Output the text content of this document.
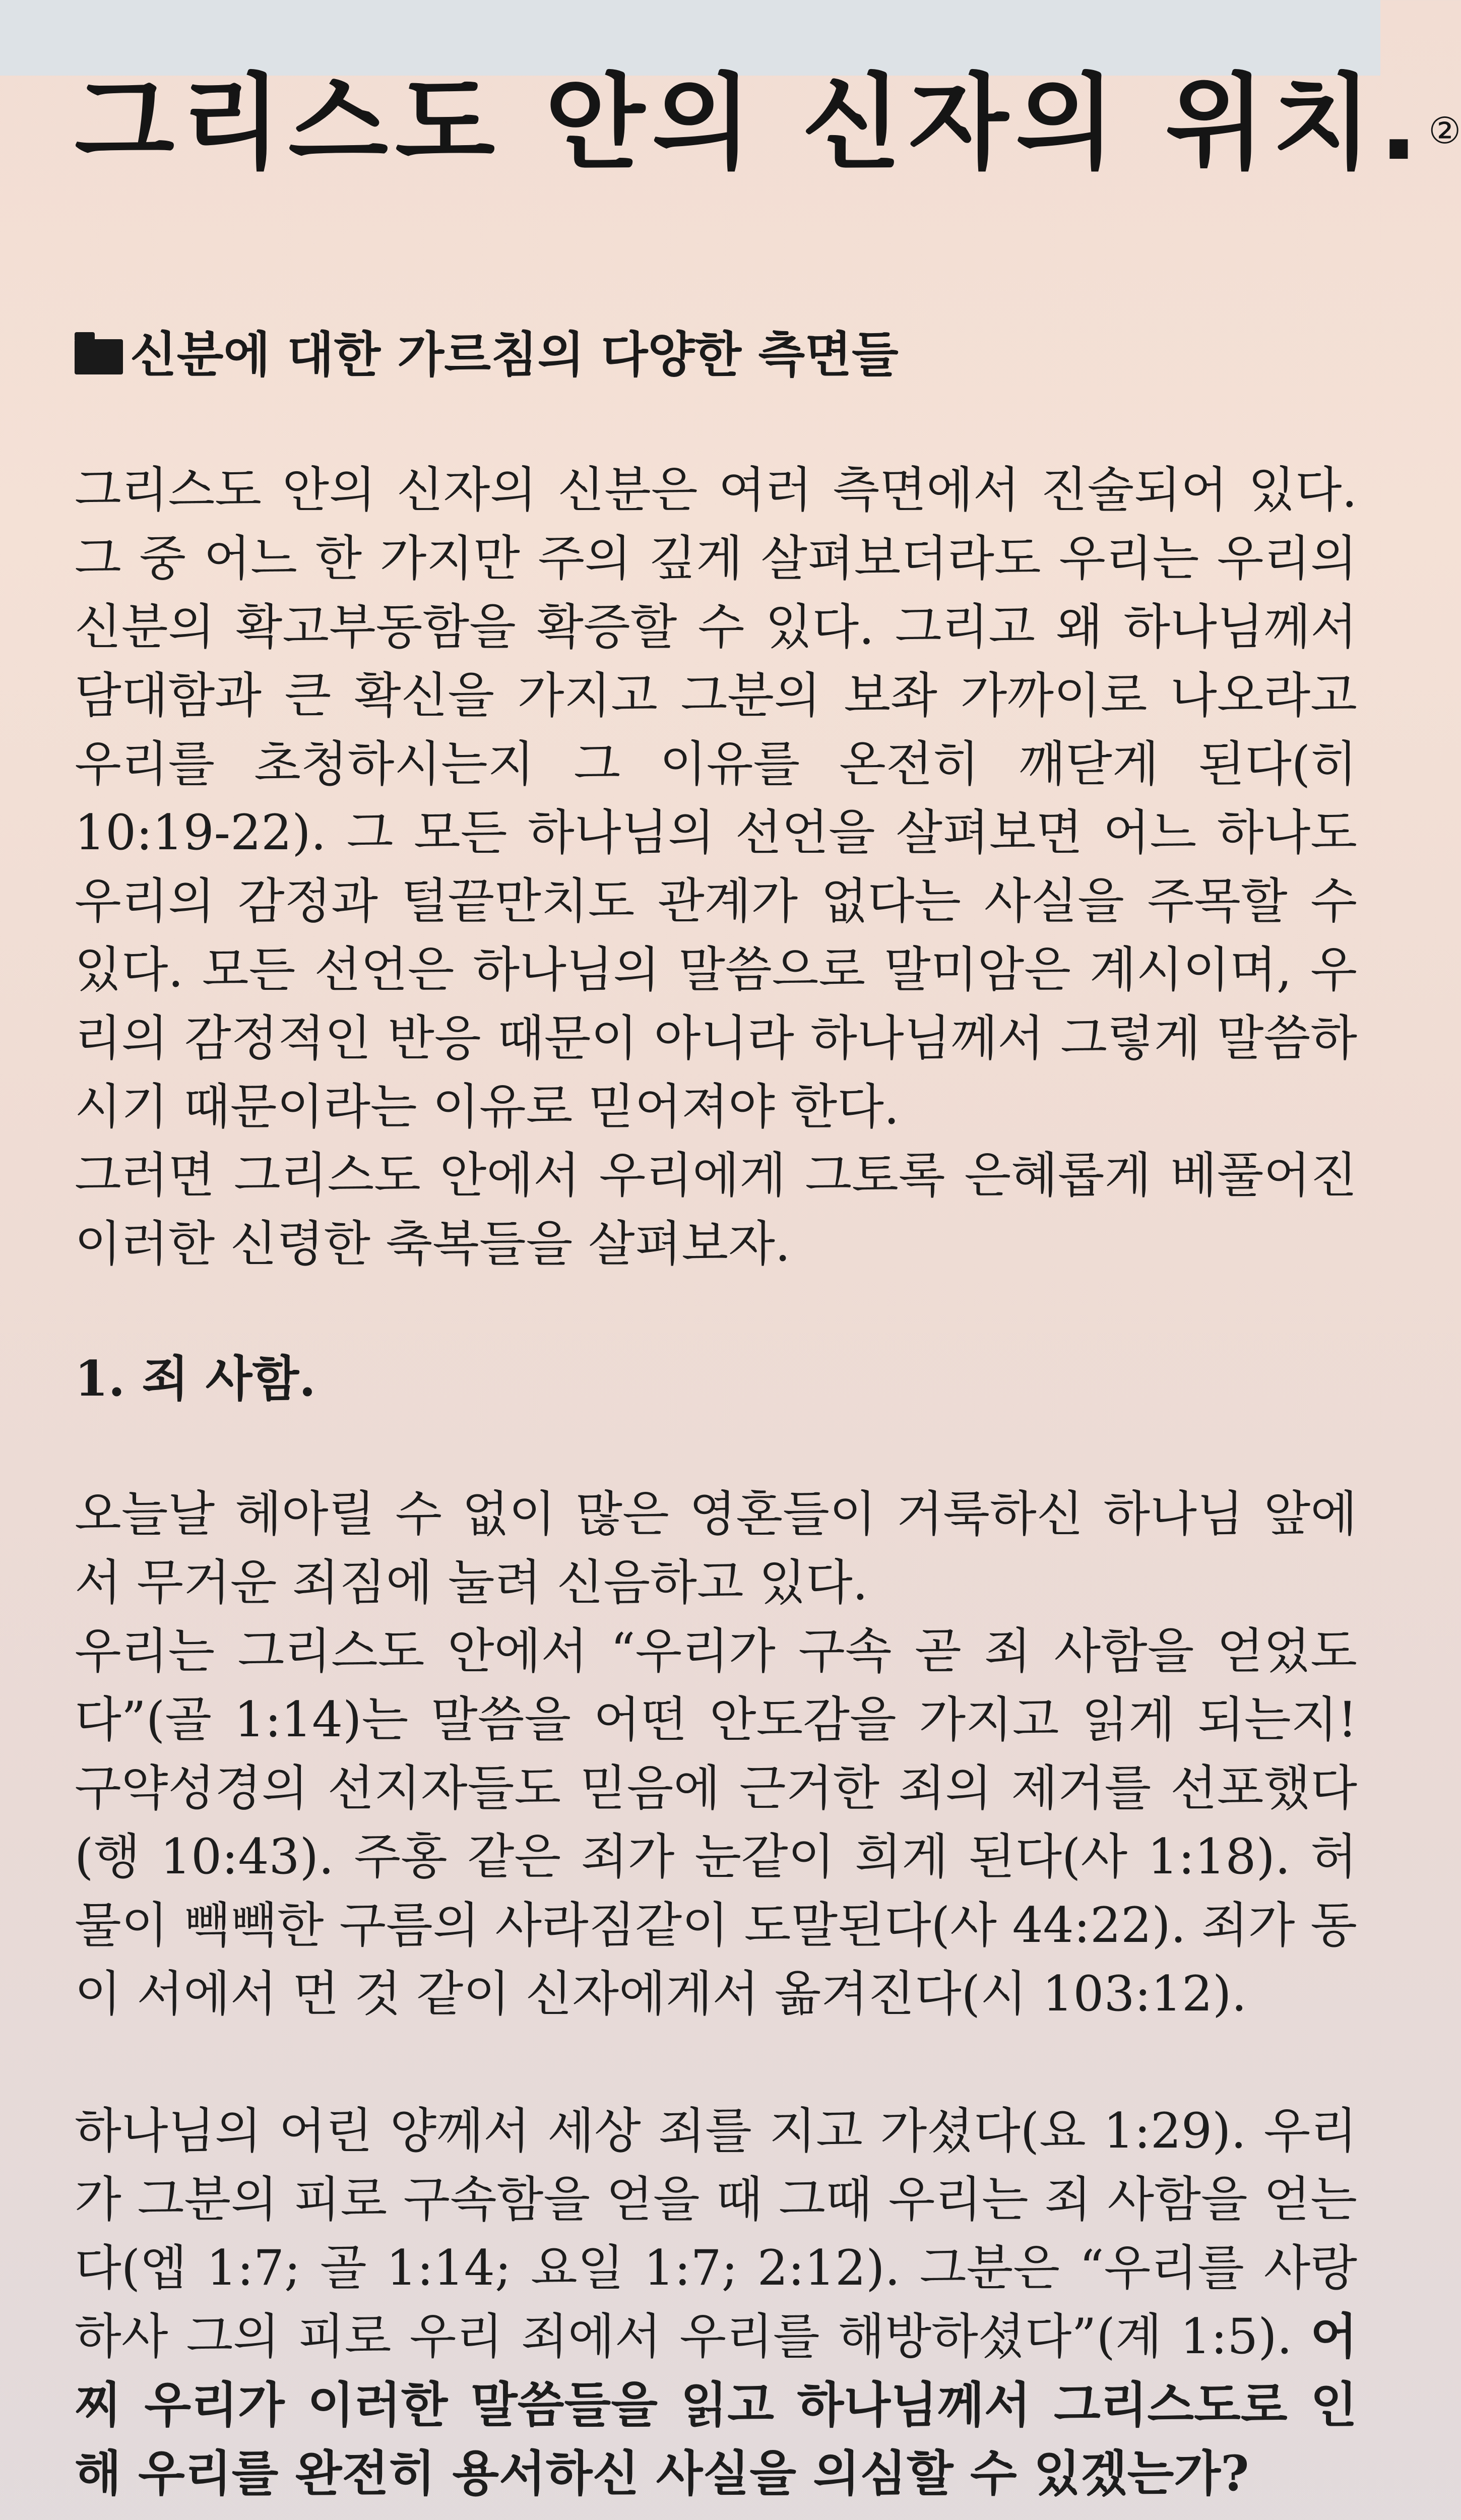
그리스도 안의 신자의 위치.②
신분에 대한 가르침의 다양한 측면들

그리스도 안의 신자의 신분은 여러 측면에서 진술되어 있다. 그 중 어느 한 가지만 주의 깊게 살펴보더라도 우리는 우리의 신분의 확고부동함을 확증할 수 있다. 그리고 왜 하나님께서 담대함과 큰 확신을 가지고 그분의 보좌 가까이로 나오라고 우리를 초청하시는지 그 이유를 온전히 깨닫게 된다(히 10:19-22). 그 모든 하나님의 선언을 살펴보면 어느 하나도 우리의 감정과 털끝만치도 관계가 없다는 사실을 주목할 수 있다. 모든 선언은 하나님의 말씀으로 말미암은 계시이며, 우리의 감정적인 반응 때문이 아니라 하나님께서 그렇게 말씀하시기 때문이라는 이유로 믿어져야 한다.

그러면 그리스도 안에서 우리에게 그토록 은혜롭게 베풀어진 이러한 신령한 축복들을 살펴보자.

1. 죄 사함.

오늘날 헤아릴 수 없이 많은 영혼들이 거룩하신 하나님 앞에서 무거운 죄짐에 눌려 신음하고 있다.

우리는 그리스도 안에서 “우리가 구속 곧 죄 사함을 얻었도다”(골 1:14)는 말씀을 어떤 안도감을 가지고 읽게 되는지! 구약성경의 선지자들도 믿음에 근거한 죄의 제거를 선포했다(행 10:43). 주홍 같은 죄가 눈같이 희게 된다(사 1:18). 허물이 빽빽한 구름의 사라짐같이 도말된다(사 44:22). 죄가 동이 서에서 먼 것 같이 신자에게서 옮겨진다(시 103:12).

하나님의 어린 양께서 세상 죄를 지고 가셨다(요 1:29). 우리가 그분의 피로 구속함을 얻을 때 그때 우리는 죄 사함을 얻는다(엡 1:7; 골 1:14; 요일 1:7; 2:12). 그분은 “우리를 사랑하사 그의 피로 우리 죄에서 우리를 해방하셨다”(계 1:5). 어찌 우리가 이러한 말씀들을 읽고 하나님께서 그리스도로 인해 우리를 완전히 용서하신 사실을 의심할 수 있겠는가?
